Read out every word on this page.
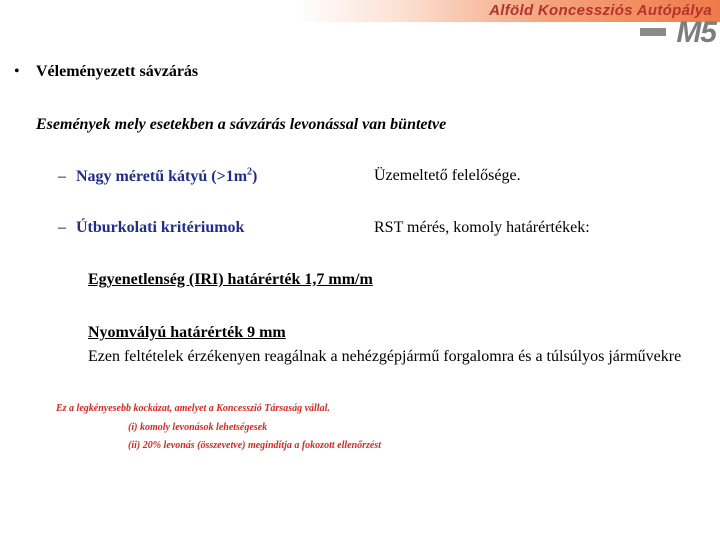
Alföld Koncessziós Autópálya
M5
• Véleményezett sávzárás
Események mely esetekben a sávzárás levonással van büntetve
– Nagy méretű kátyú $(>1m^2)$	Üzemeltető felelősége.
– Útburkolati kritériumok	RST mérés, komoly határértékek:
Egyenetlenség (IRI) határérték 1,7 mm/m
Nyomvályú határérték 9 mm
Ezen feltételek érzékenyen reagálnak a nehézgépjármű forgalomra és a túlsúlyos járművekre
Ez a legkényesebb kockázat, amelyet a Koncesszió Társaság vállal.
(i) komoly levonások lehetségesek
(ii) 20% levonás (összevetve) megindítja a fokozott ellenőrzést
